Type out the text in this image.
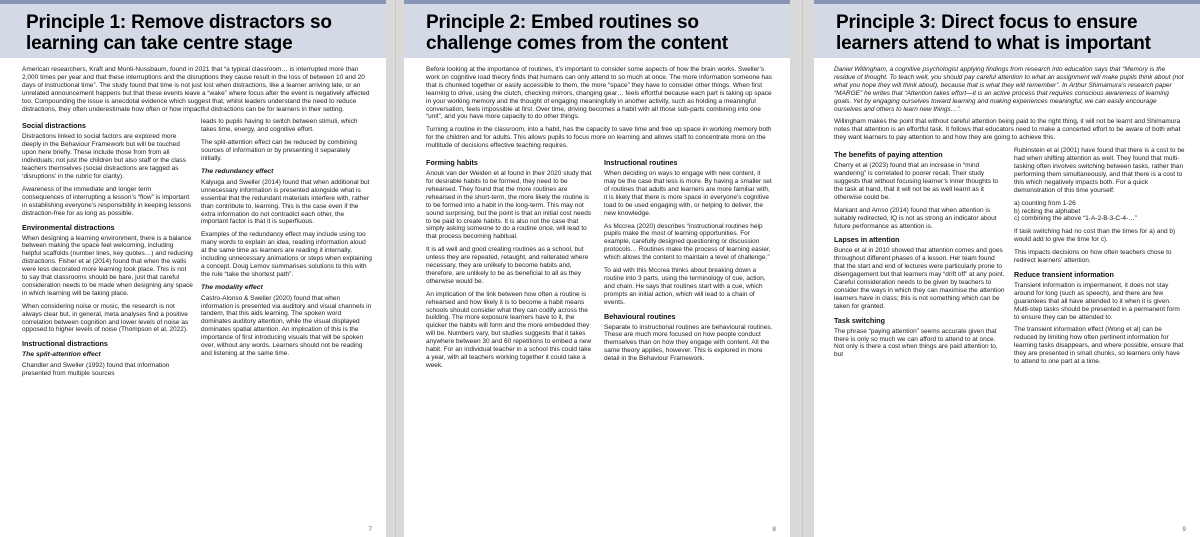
Principle 1: Remove distractors so
learning can take centre stage

American researchers, Kraft and Monti-Nussbaum, found in 2021 that “a typical classroom… is interrupted more than 2,000 times per year and that these interruptions and the disruptions they cause result in the loss of between 10 and 20 days of instructional time”. The study found that time is not just lost when distractions, like a learner arriving late, or an unrelated announcement happens but that these events leave a “wake” where focus after the event is negatively affected too. Compounding the issue is anecdotal evidence which suggest that, whilst leaders understand the need to reduce distractions, they often underestimate how often or how impactful distractions can be for learners in their setting.

Social distractions

Distractions linked to social factors are explored more deeply in the Behaviour Framework but will be touched upon here briefly. These include those from from all individuals; not just the children but also staff or the class teachers themselves (social distractions are tagged as ‘disruptions’ in the rubric for clarity).

Awareness of the immediate and longer term consequences of interrupting a lesson’s “flow” is important in establishing everyone’s responsibility in keeping lessons distraction-free for as long as possible.

Environmental distractions

When designing a learning environment, there is a balance between making the space feel welcoming, including helpful scaffolds (number lines, key quotes…) and reducing distractions. Fisher et al (2014) found that when the walls were less decorated more learning took place. This is not to say that classrooms should be bare, just that careful consideration needs to be made when designing any space in which learning will be taking place.

When considering noise or music, the research is not always clear but, in general, meta analyses find a positive correlation between cognition and lower levels of noise as opposed to higher levels of noise (Thompson et al, 2022).

Instructional distractions
The split-attention effect

Chandler and Sweller (1992) found that information presented from multiple sources

leads to pupils having to switch between stimuli, which takes time, energy, and cognitive effort.

The split-attention effect can be reduced by combining sources of information or by presenting it separately initially.

The redundancy effect

Kalyuga and Sweller (2014) found that when additional but unnecessary information is presented alongside what is essential that the redundant materials interfere with, rather than contribute to, learning. This is the case even if the extra information do not contradict each other, the important factor is that it is superfluous.

Examples of the redundancy effect may include using too many words to explain an idea, reading information aloud at the same time as learners are reading it internally, including unnecessary animations or steps when explaining a concept. Doug Lemov summarises solutions to this with the rule “take the shortest path”.

The modality effect

Castro-Alonso & Sweller (2020) found that when information is presented via auditory and visual channels in tandem, that this aids learning. The spoken word dominates auditory attention, while the visual displayed dominates spatial attention. An implication of this is the importance of first introducing visuals that will be spoken over, without any words. Learners should not be reading and listening at the same time.

7
Principle 2: Embed routines so
challenge comes from the content

Before looking at the importance of routines, it’s important to consider some aspects of how the brain works. Sweller’s work on cognitive load theory finds that humans can only attend to so much at once. The more information someone has that is chunked together or easily accessible to them, the more “space” they have to consider other things. When first learning to drive, using the clutch, checking mirrors, changing gear… feels effortful because each part is taking up space in your working memory and the thought of engaging meaningfully in another activity, such as holding a meaningful conversation, feels impossible at first. Over time, driving becomes a habit with all those sub-parts combining into one “unit”, and you have more capacity to do other things.

Turning a routine in the classroom, into a habit, has the capacity to save time and free up space in working memory both for the children and for adults. This allows pupils to focus more on learning and allows staff to concentrate more on the multitude of decisions effective teaching requires.

Forming habits

Anouk van der Weiden et al found in their 2020 study that for desirable habits to be formed, they need to be rehearsed. They found that the more routines are rehearsed in the short-term, the more likely the routine is to be formed into a habit in the long-term. This may not sound surprising, but the point is that an initial cost needs to be paid to create habits. It is also not the case that simply asking someone to do a routine once, will lead to that process becoming habitual.

It is all well and good creating routines as a school, but unless they are repeated, retaught, and reiterated where necessary, they are unlikely to become habits and, therefore, are unlikely to be as beneficial to all as they otherwise would be.

An implication of the link between how often a routine is rehearsed and how likely it is to become a habit means schools should consider what they can codify across the building. The more exposure learners have to it, the quicker the habits will form and the more embedded they will be. Numbers vary, but studies suggests that it takes anywhere between 30 and 60 repetitions to embed a new habit. For an individual teacher in a school this could take a year, with all teachers working together it could take a week.

Instructional routines

When deciding on ways to engage with new content, it may be the case that less is more. By having a smaller set of routines that adults and learners are more familiar with, it is likely that there is more space in everyone’s cognitive load to be used engaging with, or helping to deliver, the new knowledge.

As Mccrea (2020) describes “instructional routines help pupils make the most of learning opportunities. For example, carefully designed questioning or discussion protocols… Routines make the process of learning easier, which allows the content to maintain a level of challenge.”

To aid with this Mccrea thinks about breaking down a routine into 3 parts, using the terminology of cue, action, and chain. He says that routines start with a cue, which prompts an initial action, which will lead to a chain of events.

Behavioural routines

Separate to instructional routines are behavioural routines. These are much more focused on how people conduct themselves than on how they engage with content. All the same theory applies, however. This is explored in more detail in the Behaviour Framework.

8
Principle 3: Direct focus to ensure
learners attend to what is important

Daniel Willingham, a cognitive psychologist applying findings from research into education says that “Memory is the residue of thought. To teach well, you should pay careful attention to what an assignment will make pupils think about (not what you hope they will think about), because that is what they will remember”. In Arthur Shimamura’s research paper “MARGE” he writes that “Attention takes effort—it is an active process that requires conscious awareness of learning goals. Yet by engaging ourselves toward learning and making experiences meaningful, we can easily encourage ourselves and others to learn new things…”.

Willingham makes the point that without careful attention being paid to the right thing, it will not be learnt and Shimamura notes that attention is an effortful task. It follows that educators need to make a concerted effort to be aware of both what they want learners to pay attention to and how they are going to achieve this.

The benefits of paying attention

Cherry et al (2023) found that an increase in “mind wandering” is correlated to poorer recall. Their study suggests that without focusing learner’s inner thoughts to the task at hand, that it will not be as well learnt as it otherwise could be.

Markant and Amso (2014) found that when attention is suitably redirected, IQ is not as strong an indicator about future performance as attention is.

Lapses in attention

Bunce et al in 2010 showed that attention comes and goes throughout different phases of a lesson. Her team found that the start and end of lectures were particularly prone to disengagement but that learners may “drift off” at any point. Careful consideration needs to be given by teachers to consider the ways in which they can maximise the attention learners have in class; this is not something which can be taken for granted.

Task switching

The phrase “paying attention” seems accurate given that there is only so much we can afford to attend to at once. Not only is there a cost when things are paid attention to, but

Rubinstein et al (2001) have found that there is a cost to be had when shifting attention as well. They found that multi-tasking often involves switching between tasks, rather than performing them simultaneously, and that there is a cost to this which negatively impacts both. For a quick demonstration of this time yourself:

a) counting from 1-26
b) reciting the alphabet
c) combining the above “1-A-2-B-3-C-4-…”

If task switching had no cost than the times for a) and b) would add to give the time for c).

This impacts decisions on how often teachers chose to redirect learners’ attention.

Reduce transient information

Transient information is impermanent, it does not stay around for long (such as speech), and there are few guarantees that all have attended to it when it is given. Multi-step tasks should be presented in a permanent form to ensure they can be attended to.

The transient information effect (Wong et al) can be reduced by limiting how often pertinent information for learning tasks disappears, and where possible, ensure that they are presented in small chunks, so learners only have to attend to one part at a time.

9
